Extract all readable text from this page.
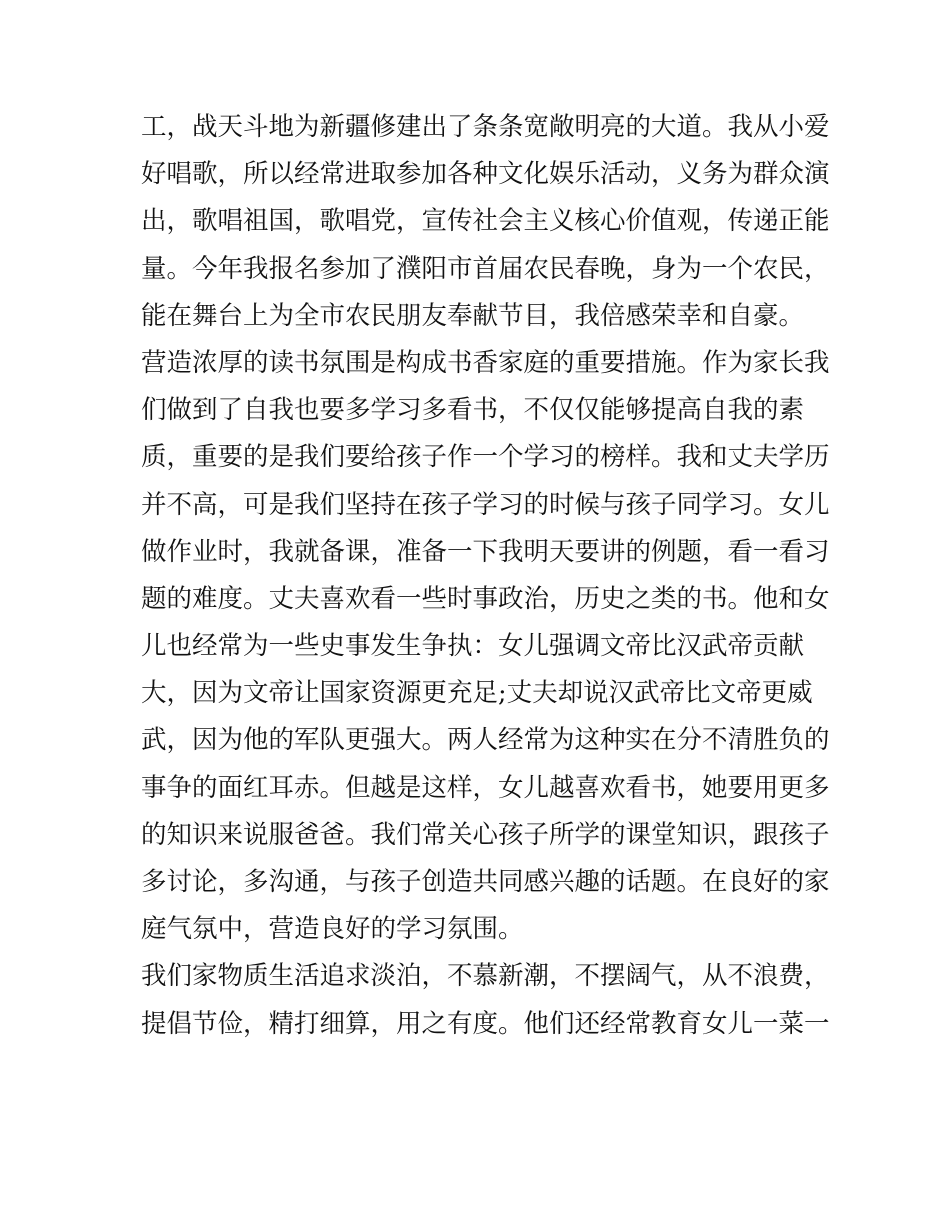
工，战天斗地为新疆修建出了条条宽敞明亮的大道。我从小爱
好唱歌，所以经常进取参加各种文化娱乐活动，义务为群众演
出，歌唱祖国，歌唱党，宣传社会主义核心价值观，传递正能
量。今年我报名参加了濮阳市首届农民春晚，身为一个农民，
能在舞台上为全市农民朋友奉献节目，我倍感荣幸和自豪。
营造浓厚的读书氛围是构成书香家庭的重要措施。作为家长我
们做到了自我也要多学习多看书，不仅仅能够提高自我的素
质，重要的是我们要给孩子作一个学习的榜样。我和丈夫学历
并不高，可是我们坚持在孩子学习的时候与孩子同学习。女儿
做作业时，我就备课，准备一下我明天要讲的例题，看一看习
题的难度。丈夫喜欢看一些时事政治，历史之类的书。他和女
儿也经常为一些史事发生争执：女儿强调文帝比汉武帝贡献
大，因为文帝让国家资源更充足;丈夫却说汉武帝比文帝更威
武，因为他的军队更强大。两人经常为这种实在分不清胜负的
事争的面红耳赤。但越是这样，女儿越喜欢看书，她要用更多
的知识来说服爸爸。我们常关心孩子所学的课堂知识，跟孩子
多讨论，多沟通，与孩子创造共同感兴趣的话题。在良好的家
庭气氛中，营造良好的学习氛围。
我们家物质生活追求淡泊，不慕新潮，不摆阔气，从不浪费，
提倡节俭，精打细算，用之有度。他们还经常教育女儿一菜一
